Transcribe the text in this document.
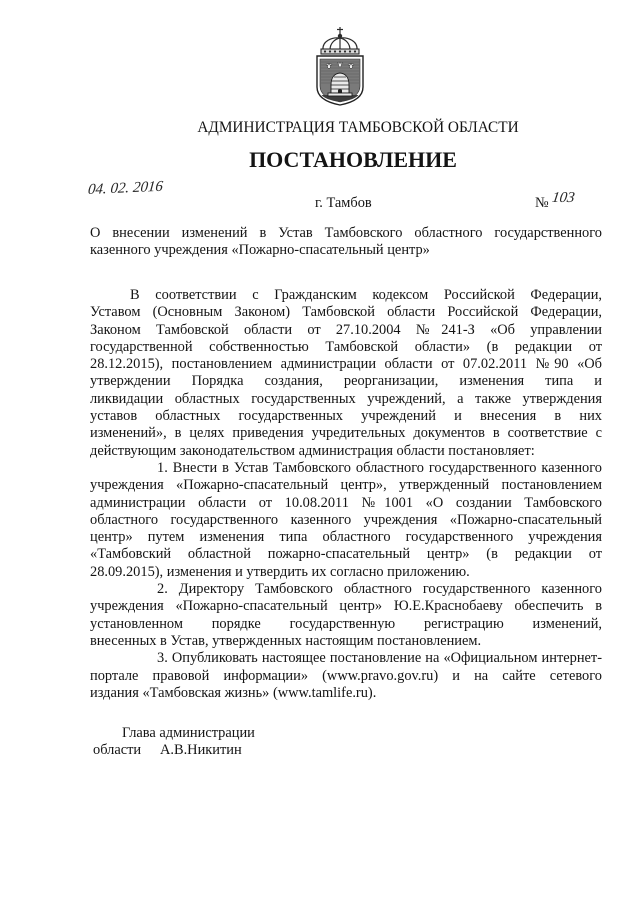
АДМИНИСТРАЦИЯ ТАМБОВСКОЙ ОБЛАСТИ
ПОСТАНОВЛЕНИЕ
04. 02. 2016
г. Тамбов	№ 103
О внесении изменений в Устав Тамбовского областного государственного
казенного учреждения «Пожарно-спасательный центр»
В соответствии с Гражданским кодексом Российской Федерации,
Уставом (Основным Законом) Тамбовской области Российской Федерации,
Законом Тамбовской области от 27.10.2004 №241-З «Об управлении
государственной собственностью Тамбовской области» (в редакции от
28.12.2015), постановлением администрации области от 07.02.2011 №90 «Об
утверждении Порядка создания, реорганизации, изменения типа и
ликвидации областных государственных учреждений, а также утверждения
уставов областных государственных учреждений и внесения в них
изменений», в целях приведения учредительных документов в соответствие с
действующим законодательством администрация области постановляет:
1. Внести в Устав Тамбовского областного государственного казенного
учреждения «Пожарно-спасательный центр», утвержденный постановлением
администрации области от 10.08.2011 №1001 «О создании Тамбовского
областного государственного казенного учреждения «Пожарно-спасательный
центр» путем изменения типа областного государственного учреждения
«Тамбовский областной пожарно-спасательный центр» (в редакции от
28.09.2015), изменения и утвердить их согласно приложению.
2. Директору Тамбовского областного государственного казенного
учреждения «Пожарно-спасательный центр» Ю.Е.Краснобаеву обеспечить в
установленном порядке государственную регистрацию изменений,
внесенных в Устав, утвержденных настоящим постановлением.
3. Опубликовать настоящее постановление на «Официальном интернет-
портале правовой информации» (www.pravo.gov.ru) и на сайте сетевого
издания «Тамбовская жизнь» (www.tamlife.ru).
Глава администрации
области А.В.Никитин
